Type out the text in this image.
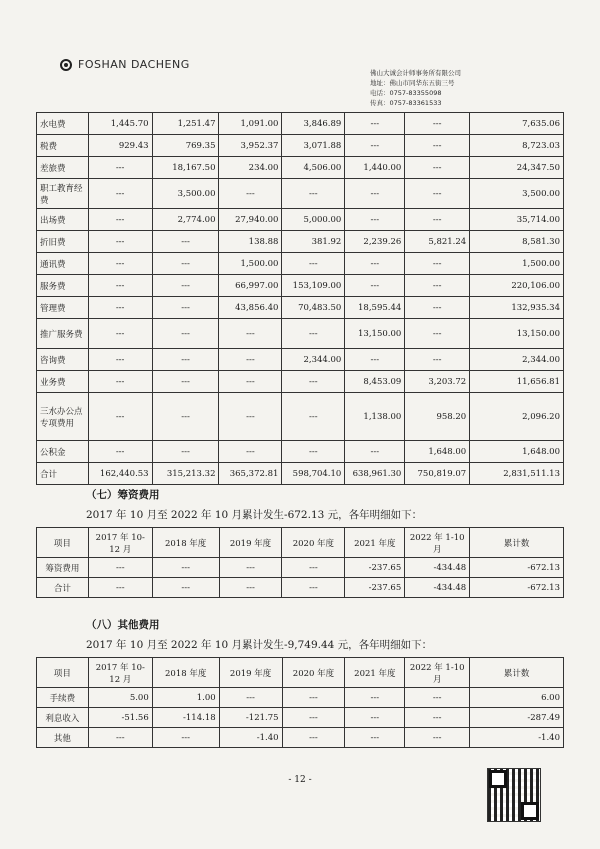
FOSHAN DACHENG
佛山大诚会计师事务所有限公司
地址：佛山市同华东五街三号
电话：0757-83355098
传真：0757-83361533
水电费	1,445.70	1,251.47	1,091.00	3,846.89	---	---	7,635.06
税费	929.43	769.35	3,952.37	3,071.88	---	---	8,723.03
差旅费	---	18,167.50	234.00	4,506.00	1,440.00	---	24,347.50
职工教育经费	---	3,500.00	---	---	---	---	3,500.00
出场费	---	2,774.00	27,940.00	5,000.00	---	---	35,714.00
折旧费	---	---	138.88	381.92	2,239.26	5,821.24	8,581.30
通讯费	---	---	1,500.00	---	---	---	1,500.00
服务费	---	---	66,997.00	153,109.00	---	---	220,106.00
管理费	---	---	43,856.40	70,483.50	18,595.44	---	132,935.34
推广服务费	---	---	---	---	13,150.00	---	13,150.00
咨询费	---	---	---	2,344.00	---	---	2,344.00
业务费	---	---	---	---	8,453.09	3,203.72	11,656.81
三水办公点专项费用	---	---	---	---	1,138.00	958.20	2,096.20
公积金	---	---	---	---	---	1,648.00	1,648.00
合计	162,440.53	315,213.32	365,372.81	598,704.10	638,961.30	750,819.07	2,831,511.13
（七）筹资费用
2017 年 10 月至 2022 年 10 月累计发生-672.13 元，各年明细如下：
项目	2017 年 10-12 月	2018 年度	2019 年度	2020 年度	2021 年度	2022 年 1-10 月	累计数
筹资费用	---	---	---	---	-237.65	-434.48	-672.13
合计	---	---	---	---	-237.65	-434.48	-672.13
（八）其他费用
2017 年 10 月至 2022 年 10 月累计发生-9,749.44 元，各年明细如下：
项目	2017 年 10-12 月	2018 年度	2019 年度	2020 年度	2021 年度	2022 年 1-10 月	累计数
手续费	5.00	1.00	---	---	---	---	6.00
利息收入	-51.56	-114.18	-121.75	---	---	---	-287.49
其他	---	---	-1.40	---	---	---	-1.40
- 12 -
